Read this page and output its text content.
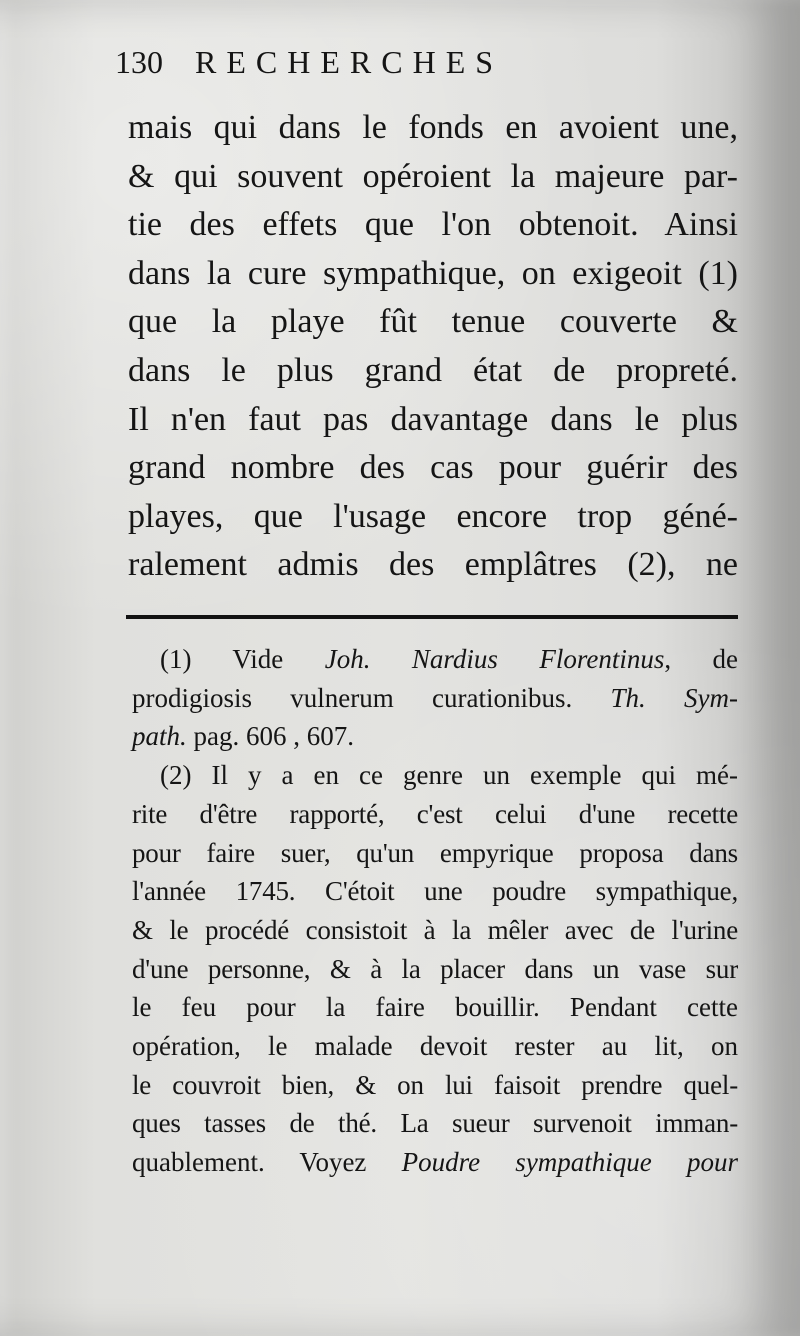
130 RECHERCHES
mais qui dans le fonds en avoient une,
& qui souvent opéroient la majeure par-
tie des effets que l'on obtenoit. Ainsi
dans la cure sympathique, on exigeoit (1)
que la playe fût tenue couverte &
dans le plus grand état de propreté.
Il n'en faut pas davantage dans le plus
grand nombre des cas pour guérir des
playes, que l'usage encore trop géné-
ralement admis des emplâtres (2), ne
(1) Vide Joh. Nardius Florentinus, de
prodigiosis vulnerum curationibus. Th. Sym-
path. pag. 606 , 607.
(2) Il y a en ce genre un exemple qui mé-
rite d'être rapporté, c'est celui d'une recette
pour faire suer, qu'un empyrique proposa dans
l'année 1745. C'étoit une poudre sympathique,
& le procédé consistoit à la mêler avec de l'urine
d'une personne, & à la placer dans un vase sur
le feu pour la faire bouillir. Pendant cette
opération, le malade devoit rester au lit, on
le couvroit bien, & on lui faisoit prendre quel-
ques tasses de thé. La sueur survenoit imman-
quablement. Voyez Poudre sympathique pour
